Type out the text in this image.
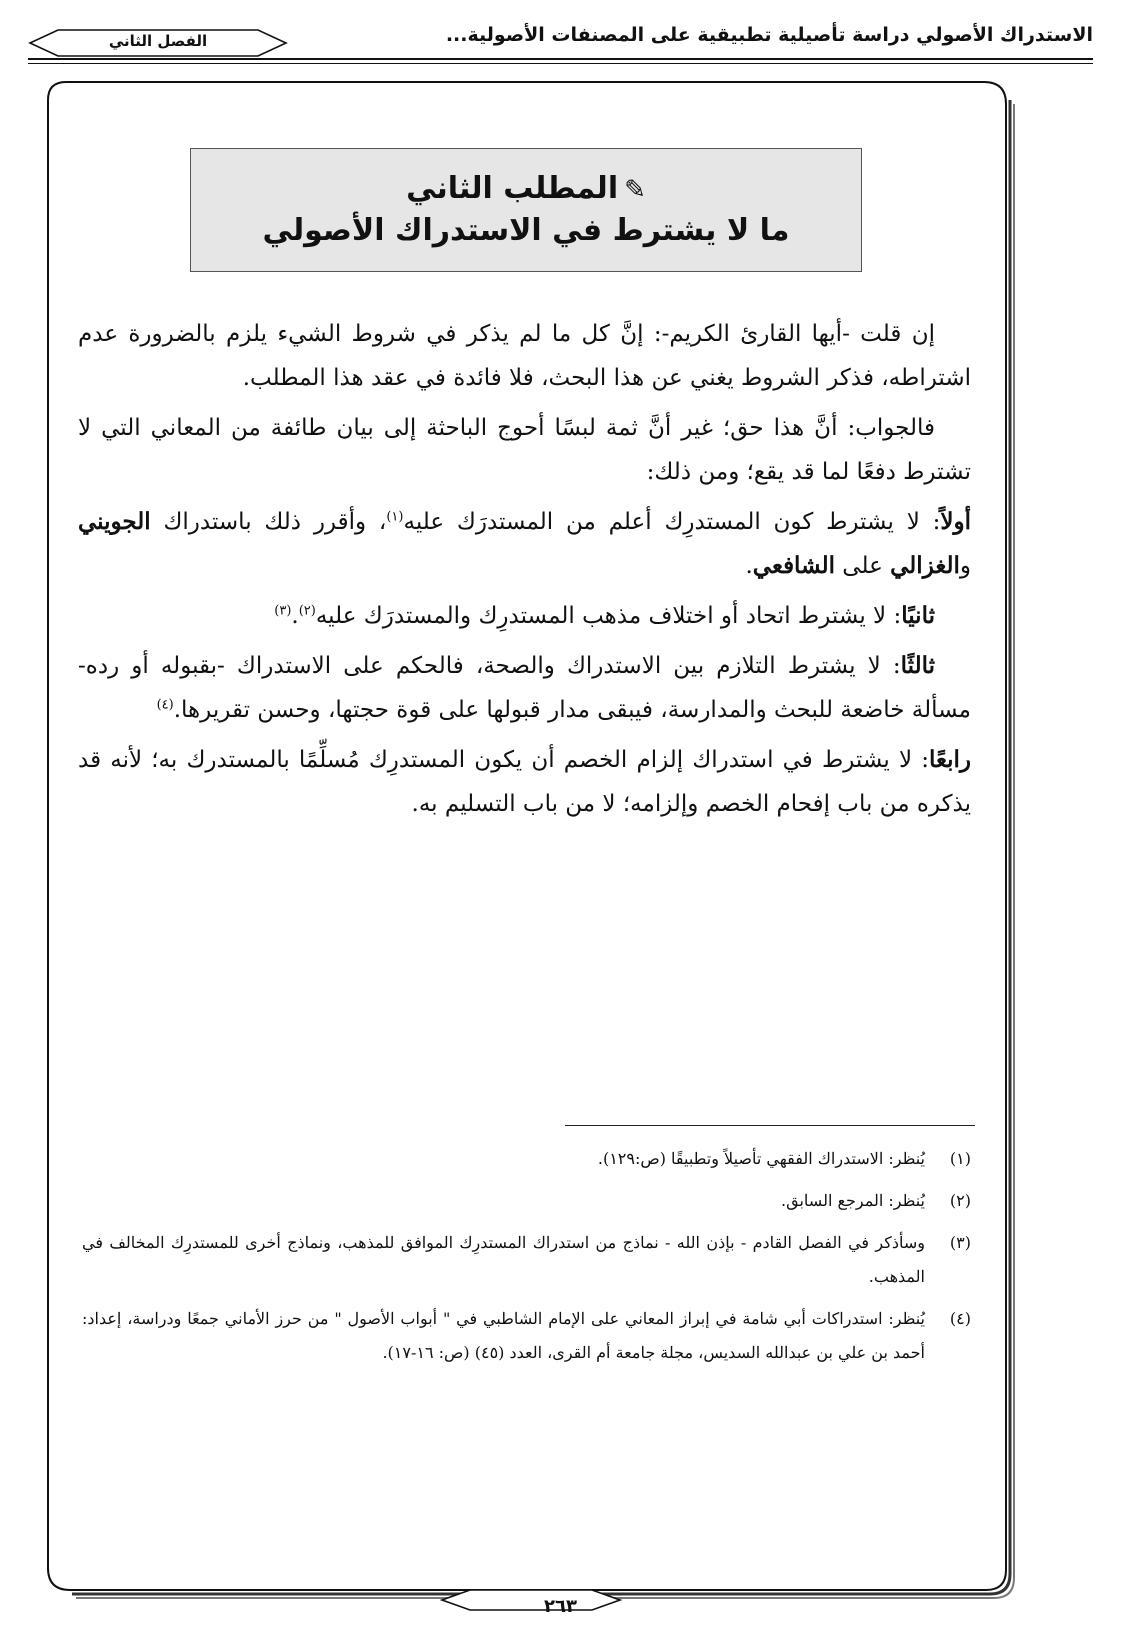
الاستدراك الأصولي دراسة تأصيلية تطبيقية على المصنفات الأصولية...
الفصل الثاني
✎المطلب الثاني
ما لا يشترط في الاستدراك الأصولي

إن قلت -أيها القارئ الكريم-: إنَّ كل ما لم يذكر في شروط الشيء يلزم بالضرورة عدم اشتراطه، فذكر الشروط يغني عن هذا البحث، فلا فائدة في عقد هذا المطلب.

فالجواب: أنَّ هذا حق؛ غير أنَّ ثمة لبسًا أحوج الباحثة إلى بيان طائفة من المعاني التي لا تشترط دفعًا لما قد يقع؛ ومن ذلك:

أولاً: لا يشترط كون المستدرِك أعلم من المستدرَك عليه$^{(١)}$، وأقرر ذلك باستدراك الجويني والغزالي على الشافعي.

ثانيًا: لا يشترط اتحاد أو اختلاف مذهب المستدرِك والمستدرَك عليه$^{(٢)}$.$^{(٣)}$

ثالثًا: لا يشترط التلازم بين الاستدراك والصحة، فالحكم على الاستدراك -بقبوله أو رده- مسألة خاضعة للبحث والمدارسة، فيبقى مدار قبولها على قوة حجتها، وحسن تقريرها.$^{(٤)}$

رابعًا: لا يشترط في استدراك إلزام الخصم أن يكون المستدرِك مُسلِّمًا بالمستدرك به؛ لأنه قد يذكره من باب إفحام الخصم وإلزامه؛ لا من باب التسليم به.

(١)
يُنظر: الاستدراك الفقهي تأصيلاً وتطبيقًا (ص:١٢٩).
(٢)
يُنظر: المرجع السابق.
(٣)
وسأذكر في الفصل القادم - بإذن الله - نماذج من استدراك المستدرِك الموافق للمذهب، ونماذج أخرى للمستدرِك المخالف في المذهب.
(٤)
يُنظر: استدراكات أبي شامة في إبراز المعاني على الإمام الشاطبي في " أبواب الأصول " من حرز الأماني جمعًا ودراسة، إعداد: أحمد بن علي بن عبدالله السديس، مجلة جامعة أم القرى، العدد (٤٥) (ص: ١٦-١٧).
٢٦٣
